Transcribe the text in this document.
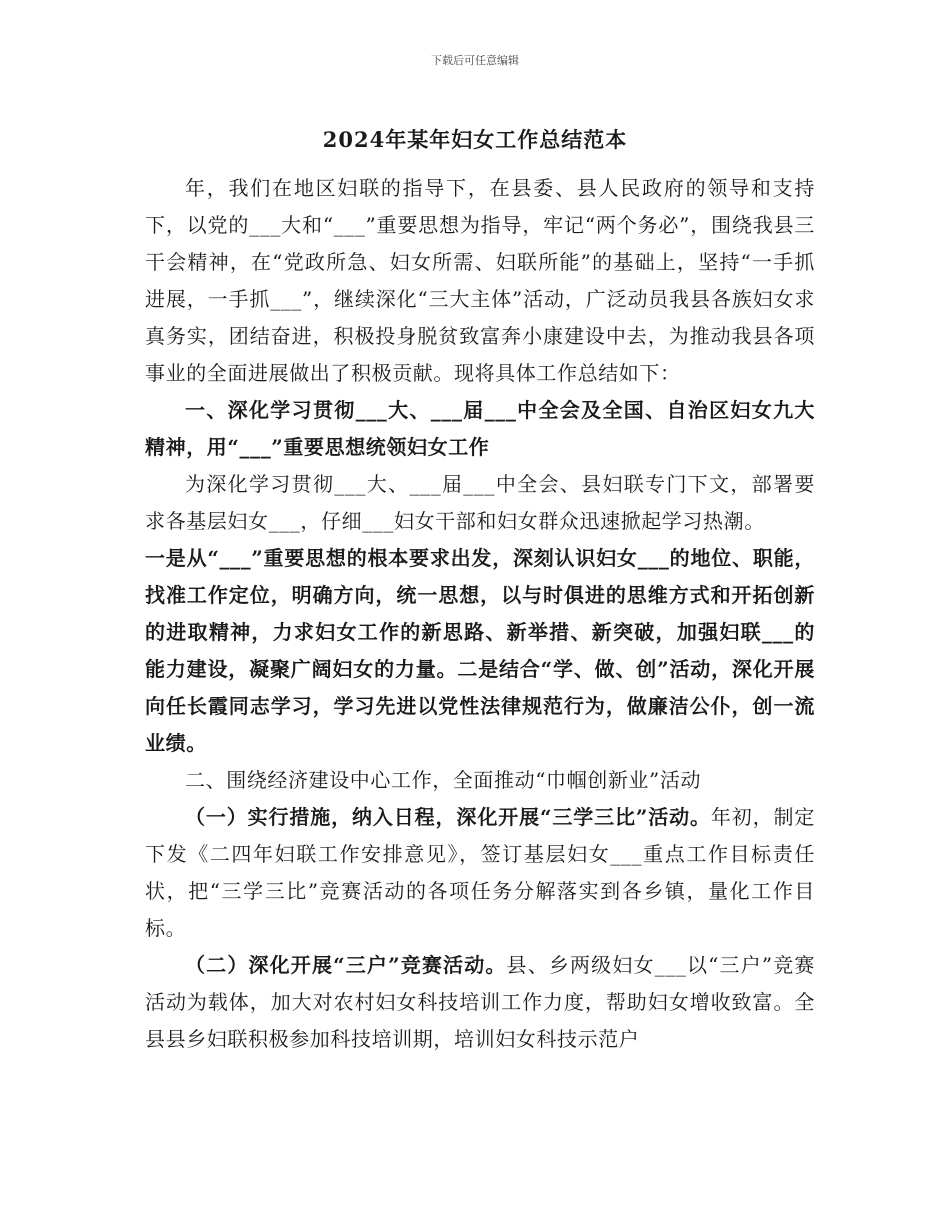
下载后可任意编辑
2024年某年妇女工作总结范本

年，我们在地区妇联的指导下，在县委、县人民政府的领导和支持下，以党的___大和“___”重要思想为指导，牢记“两个务必”，围绕我县三干会精神，在“党政所急、妇女所需、妇联所能”的基础上，坚持“一手抓进展，一手抓___”，继续深化“三大主体”活动，广泛动员我县各族妇女求真务实，团结奋进，积极投身脱贫致富奔小康建设中去，为推动我县各项事业的全面进展做出了积极贡献。现将具体工作总结如下：

一、深化学习贯彻___大、___届___中全会及全国、自治区妇女九大精神，用“___”重要思想统领妇女工作

为深化学习贯彻___大、___届___中全会、县妇联专门下文，部署要求各基层妇女___，仔细___妇女干部和妇女群众迅速掀起学习热潮。

一是从“___”重要思想的根本要求出发，深刻认识妇女___的地位、职能，找准工作定位，明确方向，统一思想，以与时俱进的思维方式和开拓创新的进取精神，力求妇女工作的新思路、新举措、新突破，加强妇联___的能力建设，凝聚广阔妇女的力量。二是结合“学、做、创”活动，深化开展向任长霞同志学习，学习先进以党性法律规范行为，做廉洁公仆，创一流业绩。

二、围绕经济建设中心工作，全面推动“巾帼创新业”活动

（一）实行措施，纳入日程，深化开展“三学三比”活动。年初，制定下发《二四年妇联工作安排意见》，签订基层妇女___重点工作目标责任状，把“三学三比”竞赛活动的各项任务分解落实到各乡镇，量化工作目标。

（二）深化开展“三户”竞赛活动。县、乡两级妇女___以“三户”竞赛活动为载体，加大对农村妇女科技培训工作力度，帮助妇女增收致富。全县县乡妇联积极参加科技培训期，培训妇女科技示范户
